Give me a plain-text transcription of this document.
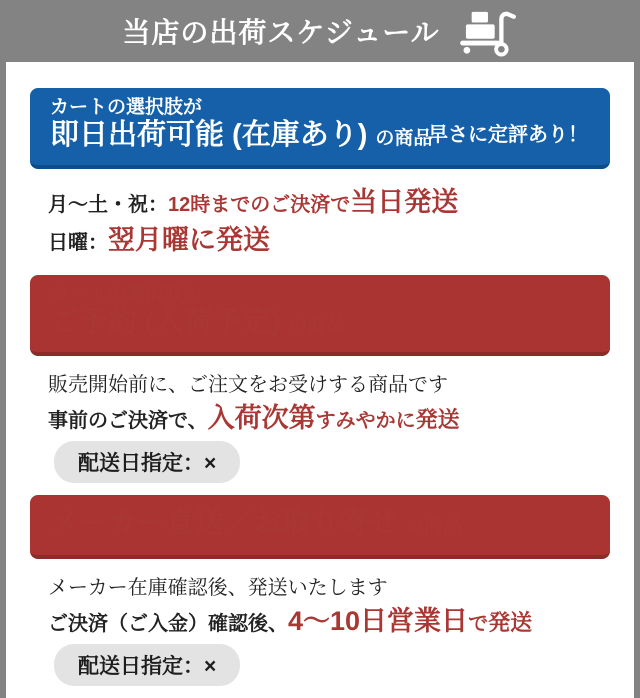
当店の出荷スケジュール
カートの選択肢が
即日出荷可能 (在庫あり) の商品
早さに定評あり！
月〜土・祝：12時までのご決済で当日発送
日曜：翌月曜に発送
カートの選択肢が
ご予約 (入荷予定) の商品
販売開始前に、ご注文をお受けする商品です
事前のご決済で、入荷次第すみやかに発送
配送日指定：×
メーカー直送／お取り寄せ の商品
メーカー在庫確認後、発送いたします
ご決済（ご入金）確認後、4〜10日営業日で発送
配送日指定：×
